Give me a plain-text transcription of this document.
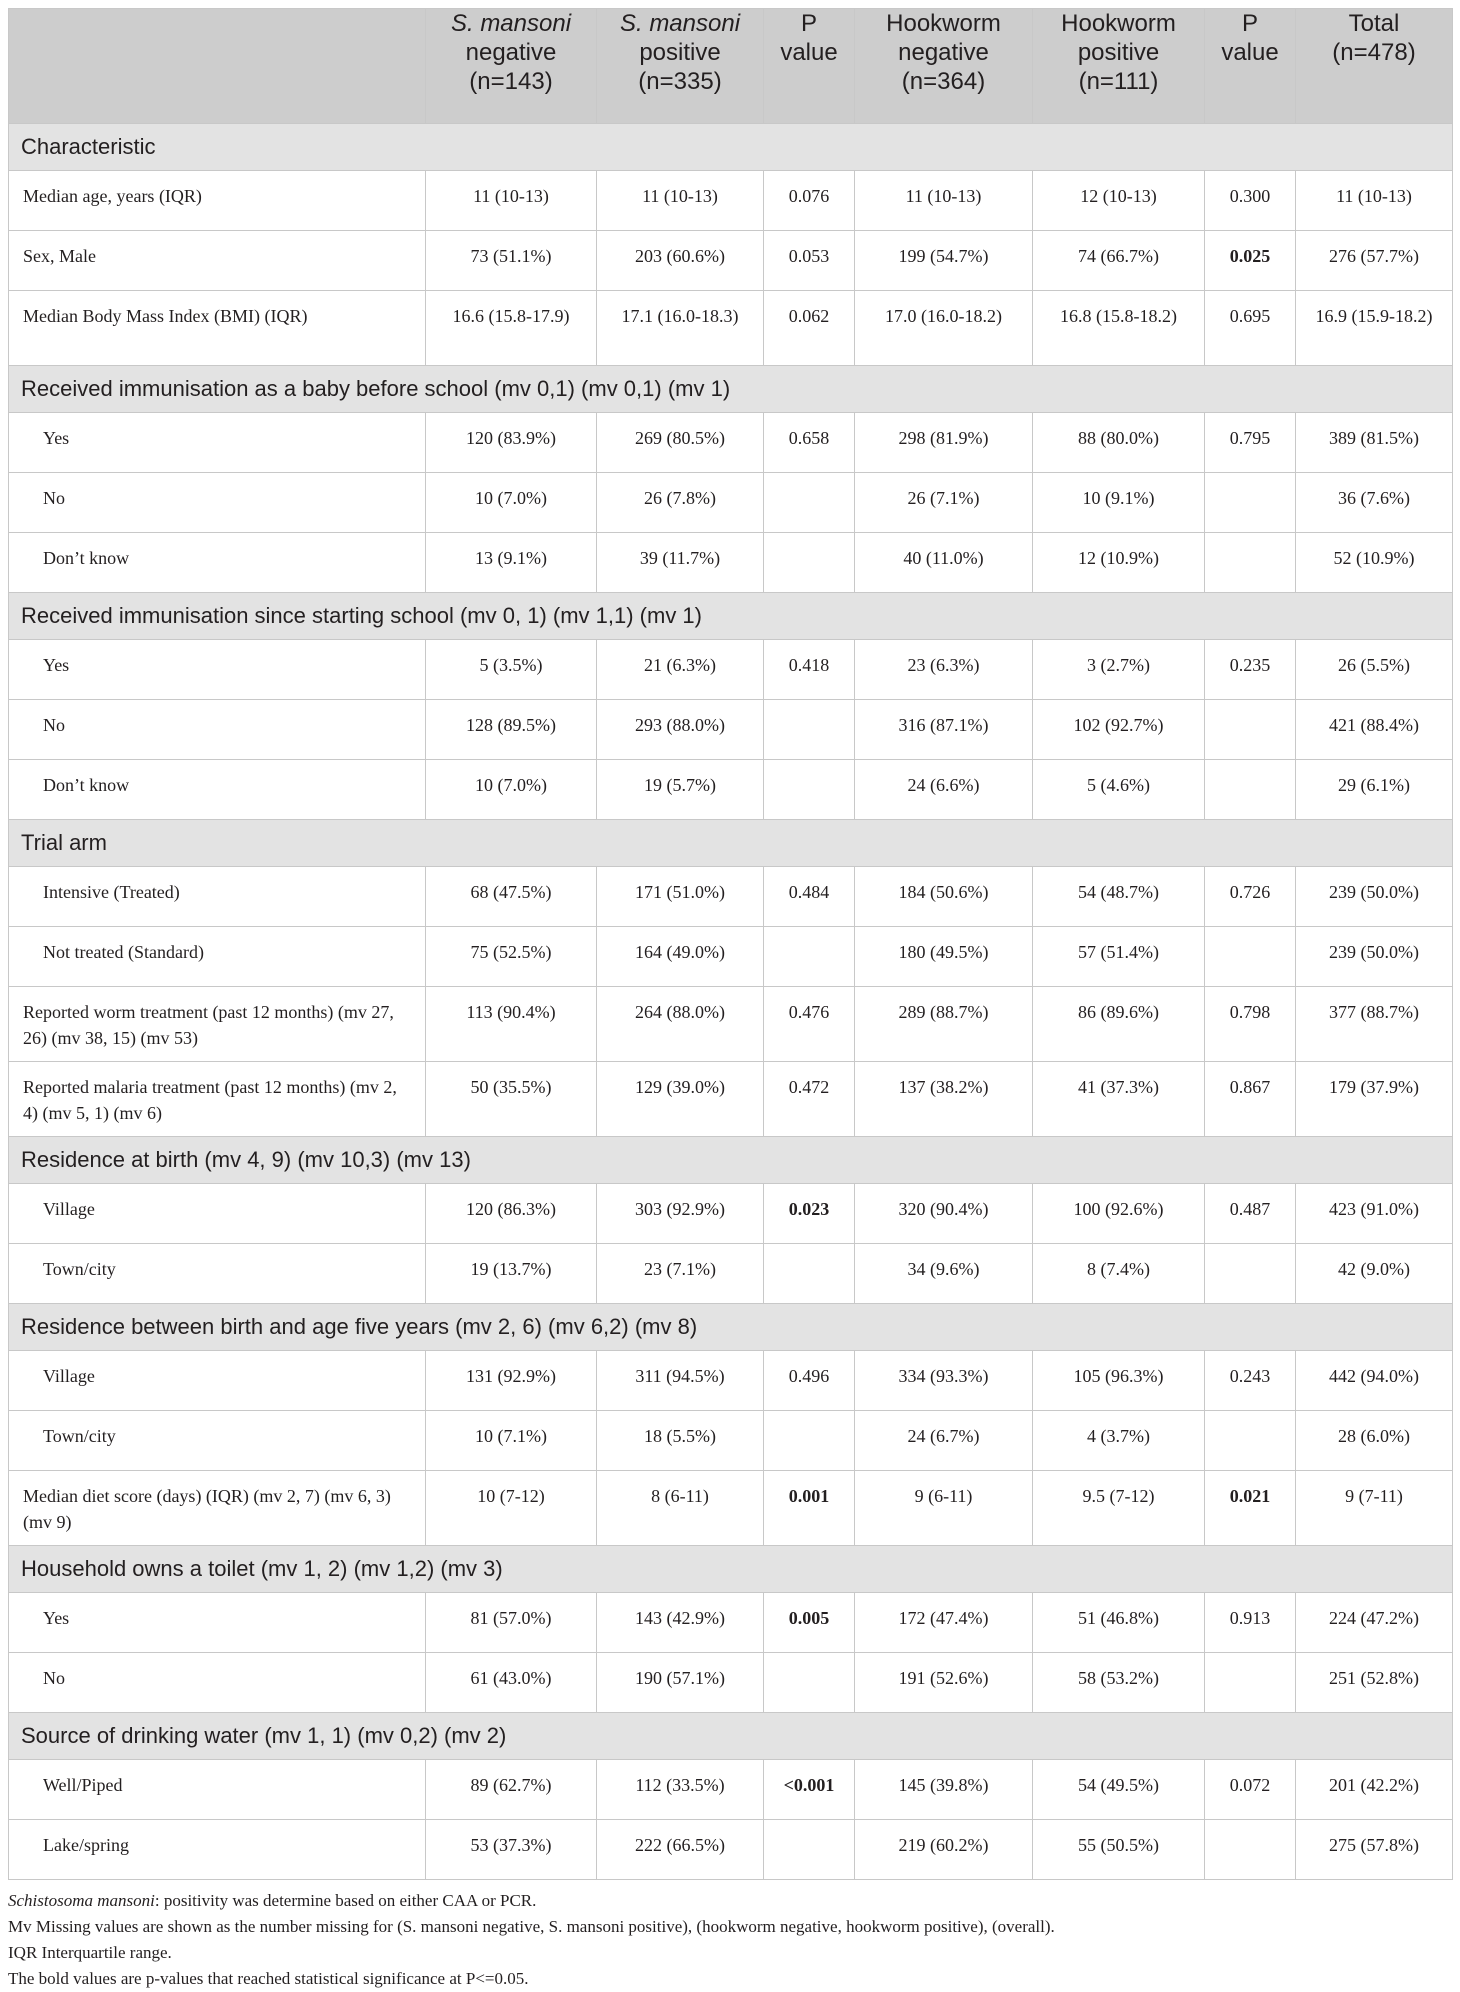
	S. mansoni
negative
(n=143)	S. mansoni
positive
(n=335)	P
value	Hookworm
negative
(n=364)	Hookworm
positive
(n=111)	P
value	Total
(n=478)
Characteristic							
Median age, years (IQR)	11 (10-13)	11 (10-13)	0.076	11 (10-13)	12 (10-13)	0.300	11 (10-13)
Sex, Male	73 (51.1%)	203 (60.6%)	0.053	199 (54.7%)	74 (66.7%)	0.025	276 (57.7%)
Median Body Mass Index (BMI) (IQR)	16.6 (15.8-17.9)	17.1 (16.0-18.3)	0.062	17.0 (16.0-18.2)	16.8 (15.8-18.2)	0.695	16.9 (15.9-18.2)
Received immunisation as a baby before school (mv 0,1) (mv 0,1) (mv 1)							
Yes	120 (83.9%)	269 (80.5%)	0.658	298 (81.9%)	88 (80.0%)	0.795	389 (81.5%)
No	10 (7.0%)	26 (7.8%)		26 (7.1%)	10 (9.1%)		36 (7.6%)
Don’t know	13 (9.1%)	39 (11.7%)		40 (11.0%)	12 (10.9%)		52 (10.9%)
Received immunisation since starting school (mv 0, 1) (mv 1,1) (mv 1)							
Yes	5 (3.5%)	21 (6.3%)	0.418	23 (6.3%)	3 (2.7%)	0.235	26 (5.5%)
No	128 (89.5%)	293 (88.0%)		316 (87.1%)	102 (92.7%)		421 (88.4%)
Don’t know	10 (7.0%)	19 (5.7%)		24 (6.6%)	5 (4.6%)		29 (6.1%)
Trial arm							
Intensive (Treated)	68 (47.5%)	171 (51.0%)	0.484	184 (50.6%)	54 (48.7%)	0.726	239 (50.0%)
Not treated (Standard)	75 (52.5%)	164 (49.0%)		180 (49.5%)	57 (51.4%)		239 (50.0%)
Reported worm treatment (past 12 months) (mv 27, 26) (mv 38, 15) (mv 53)	113 (90.4%)	264 (88.0%)	0.476	289 (88.7%)	86 (89.6%)	0.798	377 (88.7%)
Reported malaria treatment (past 12 months) (mv 2, 4) (mv 5, 1) (mv 6)	50 (35.5%)	129 (39.0%)	0.472	137 (38.2%)	41 (37.3%)	0.867	179 (37.9%)
Residence at birth (mv 4, 9) (mv 10,3) (mv 13)							
Village	120 (86.3%)	303 (92.9%)	0.023	320 (90.4%)	100 (92.6%)	0.487	423 (91.0%)
Town/city	19 (13.7%)	23 (7.1%)		34 (9.6%)	8 (7.4%)		42 (9.0%)
Residence between birth and age five years (mv 2, 6) (mv 6,2) (mv 8)							
Village	131 (92.9%)	311 (94.5%)	0.496	334 (93.3%)	105 (96.3%)	0.243	442 (94.0%)
Town/city	10 (7.1%)	18 (5.5%)		24 (6.7%)	4 (3.7%)		28 (6.0%)
Median diet score (days) (IQR) (mv 2, 7) (mv 6, 3) (mv 9)	10 (7-12)	8 (6-11)	0.001	9 (6-11)	9.5 (7-12)	0.021	9 (7-11)
Household owns a toilet (mv 1, 2) (mv 1,2) (mv 3)							
Yes	81 (57.0%)	143 (42.9%)	0.005	172 (47.4%)	51 (46.8%)	0.913	224 (47.2%)
No	61 (43.0%)	190 (57.1%)		191 (52.6%)	58 (53.2%)		251 (52.8%)
Source of drinking water (mv 1, 1) (mv 0,2) (mv 2)							
Well/Piped	89 (62.7%)	112 (33.5%)	<0.001	145 (39.8%)	54 (49.5%)	0.072	201 (42.2%)
Lake/spring	53 (37.3%)	222 (66.5%)		219 (60.2%)	55 (50.5%)		275 (57.8%)

Schistosoma mansoni: positivity was determine based on either CAA or PCR.

Mv Missing values are shown as the number missing for (S. mansoni negative, S. mansoni positive), (hookworm negative, hookworm positive), (overall).

IQR Interquartile range.

The bold values are p-values that reached statistical significance at P<=0.05.
